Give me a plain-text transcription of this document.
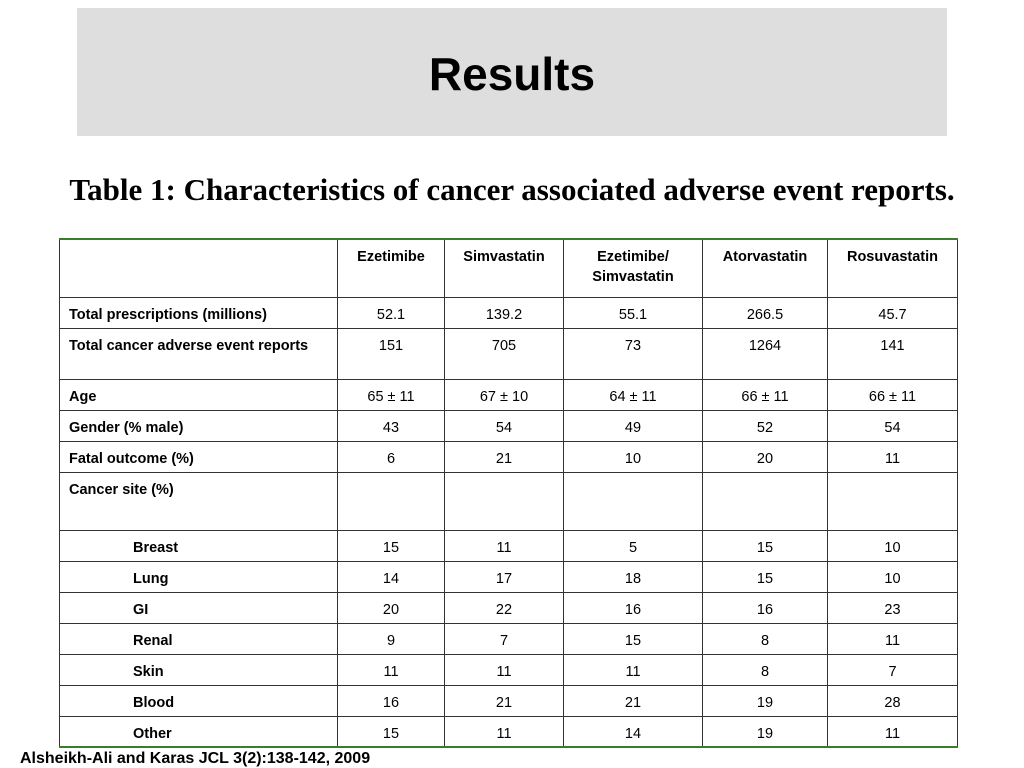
Results
Table 1: Characteristics of cancer associated adverse event reports.
	Ezetimibe	Simvastatin	Ezetimibe/ Simvastatin	Atorvastatin	Rosuvastatin
Total prescriptions (millions)	52.1	139.2	55.1	266.5	45.7
Total cancer adverse event reports	151	705	73	1264	141
Age	65 ± 11	67 ± 10	64 ± 11	66 ± 11	66 ± 11
Gender (% male)	43	54	49	52	54
Fatal outcome (%)	6	21	10	20	11
Cancer site (%)					
Breast	15	11	5	15	10
Lung	14	17	18	15	10
GI	20	22	16	16	23
Renal	9	7	15	8	11
Skin	11	11	11	8	7
Blood	16	21	21	19	28
Other	15	11	14	19	11
Alsheikh-Ali and Karas JCL 3(2):138-142, 2009
